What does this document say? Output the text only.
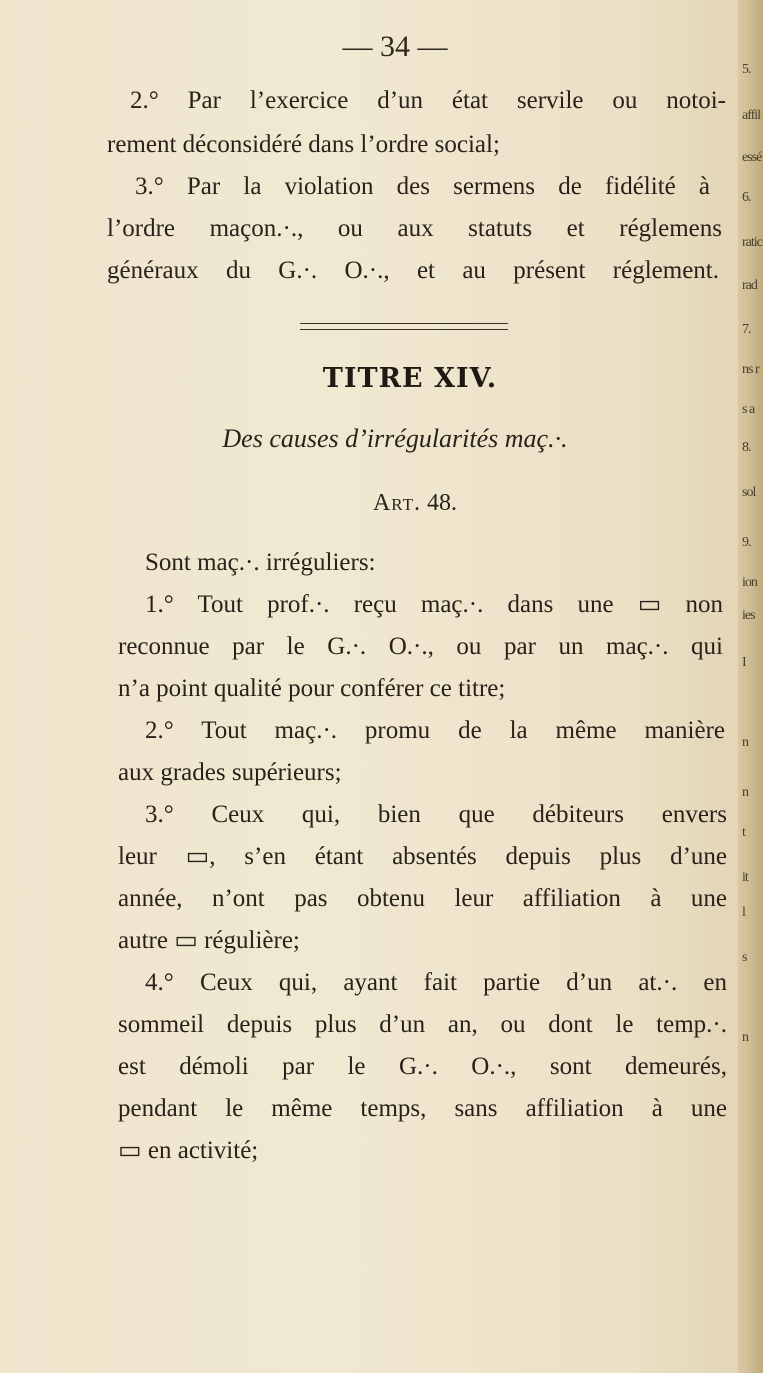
5.
affil
essé
6.
ratic
rad
7.
ns r
s a
8.
sol
9.
ion
ies
I
n
n
t
it
l
s
n
— 34 —
2.° Par l’exercice d’un état servile ou notoi-
rement déconsidéré dans l’ordre social;
3.° Par la violation des sermens de fidélité à
l’ordre maçon.·., ou aux statuts et réglemens
généraux du G.·. O.·., et au présent réglement.
TITRE XIV.
Des causes d’irrégularités maç.·.
Art. 48.
Sont maç.·. irréguliers:
1.° Tout prof.·. reçu maç.·. dans une ▭ non
reconnue par le G.·. O.·., ou par un maç.·. qui
n’a point qualité pour conférer ce titre;
2.° Tout maç.·. promu de la même manière
aux grades supérieurs;
3.° Ceux qui, bien que débiteurs envers
leur ▭, s’en étant absentés depuis plus d’une
année, n’ont pas obtenu leur affiliation à une
autre ▭ régulière;
4.° Ceux qui, ayant fait partie d’un at.·. en
sommeil depuis plus d’un an, ou dont le temp.·.
est démoli par le G.·. O.·., sont demeurés,
pendant le même temps, sans affiliation à une
▭ en activité;
